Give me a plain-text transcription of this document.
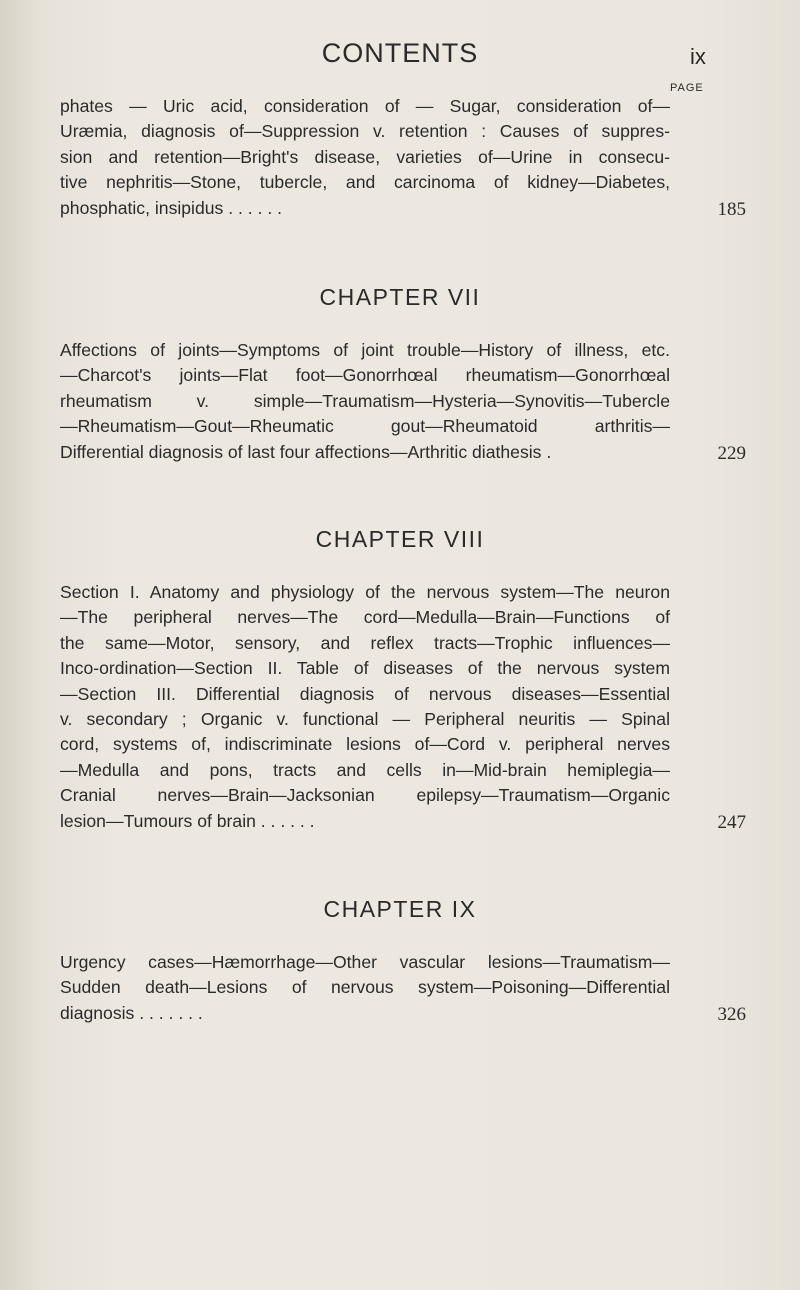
CONTENTS	ix
PAGE
phates — Uric acid, consideration of — Sugar, consideration of—
Uræmia, diagnosis of—Suppression v. retention : Causes of suppres-
sion and retention—Bright's disease, varieties of—Urine in consecu-
tive nephritis—Stone, tubercle, and carcinoma of kidney—Diabetes,
phosphatic, insipidus . . . . . .	185
CHAPTER VII
Affections of joints—Symptoms of joint trouble—History of illness, etc.
—Charcot's joints—Flat foot—Gonorrhœal rheumatism—Gonorrhœal
rheumatism v. simple—Traumatism—Hysteria—Synovitis—Tubercle
—Rheumatism—Gout—Rheumatic gout—Rheumatoid arthritis—
Differential diagnosis of last four affections—Arthritic diathesis .	229
CHAPTER VIII
Section I. Anatomy and physiology of the nervous system—The neuron
—The peripheral nerves—The cord—Medulla—Brain—Functions of
the same—Motor, sensory, and reflex tracts—Trophic influences—
Inco-ordination—Section II. Table of diseases of the nervous system
—Section III. Differential diagnosis of nervous diseases—Essential
v. secondary ; Organic v. functional — Peripheral neuritis — Spinal
cord, systems of, indiscriminate lesions of—Cord v. peripheral nerves
—Medulla and pons, tracts and cells in—Mid-brain hemiplegia—
Cranial nerves—Brain—Jacksonian epilepsy—Traumatism—Organic
lesion—Tumours of brain . . . . . .	247
CHAPTER IX
Urgency cases—Hæmorrhage—Other vascular lesions—Traumatism—
Sudden death—Lesions of nervous system—Poisoning—Differential
diagnosis . . . . . . .	326
